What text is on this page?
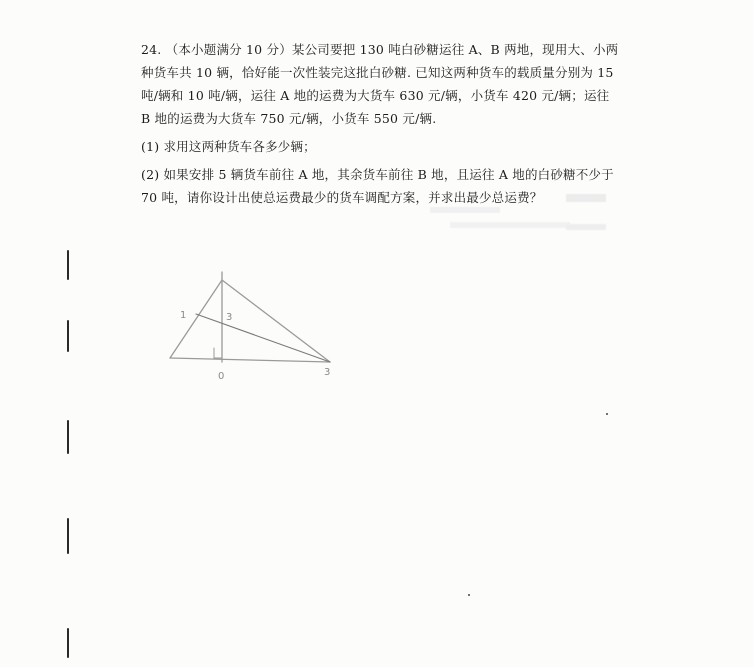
24. （本小题满分 10 分）某公司要把 130 吨白砂糖运往 A、B 两地，现用大、小两种货车共 10 辆，恰好能一次性装完这批白砂糖. 已知这两种货车的载质量分别为 15 吨/辆和 10 吨/辆，运往 A 地的运费为大货车 630 元/辆，小货车 420 元/辆；运往 B 地的运费为大货车 750 元/辆，小货车 550 元/辆.

(1) 求用这两种货车各多少辆；

(2) 如果安排 5 辆货车前往 A 地，其余货车前往 B 地，且运往 A 地的白砂糖不少于 70 吨，请你设计出使总运费最少的货车调配方案，并求出最少总运费？

1	3
0	3
